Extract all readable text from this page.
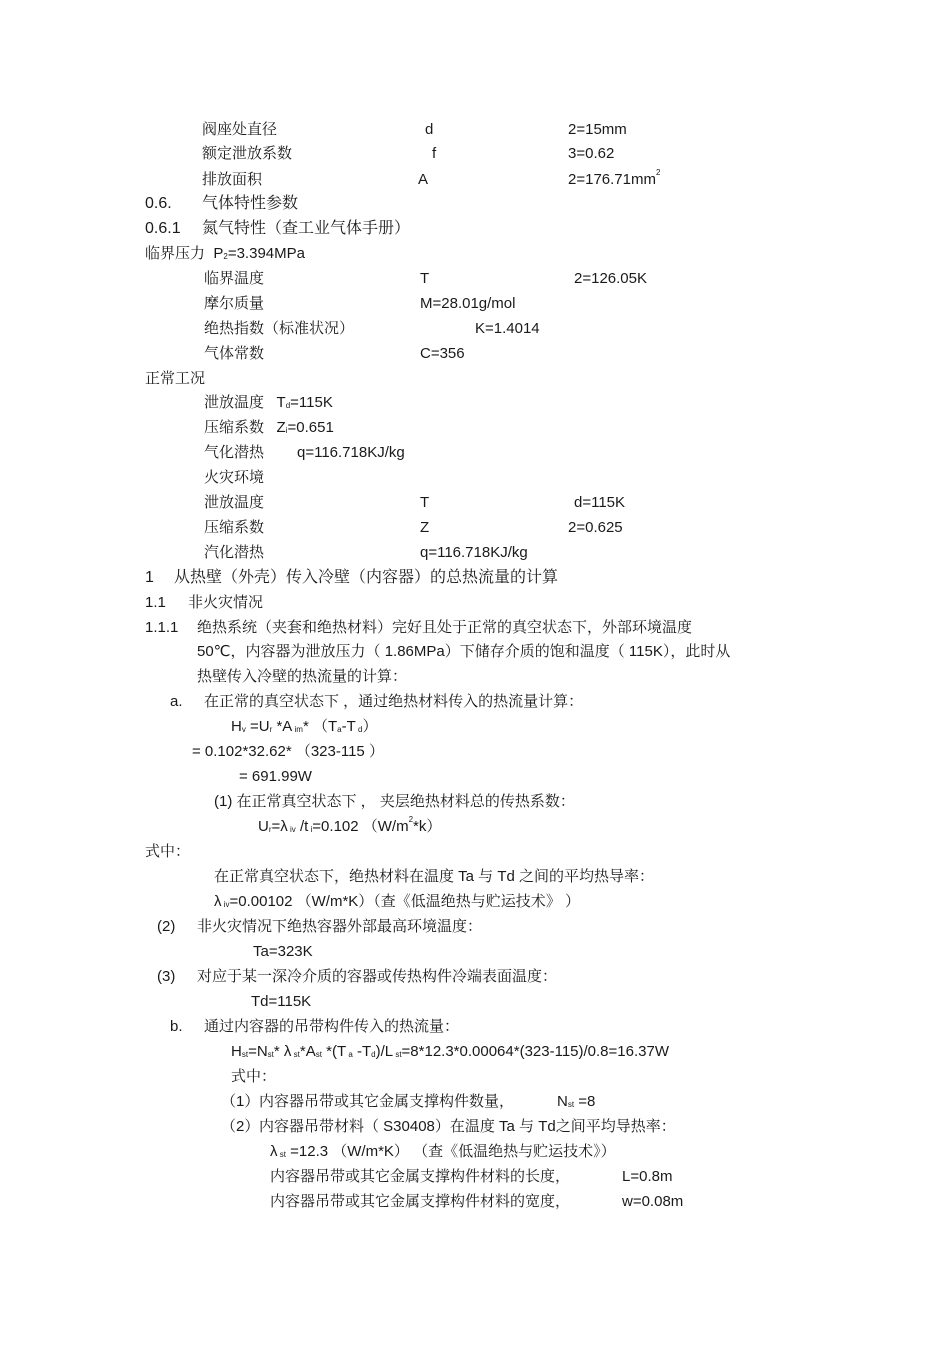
阀座处直径	d	2=15mm
额定泄放系数	f	3=0.62
排放面积	A	$2=176.71mm^2$
0.6. 气体特性参数
0.6.1 氮气特性（查工业气体手册）
临界压力 $P_2=3.394MPa$
临界温度	T	2=126.05K
摩尔质量	M=28.01g/mol
绝热指数（标准状况）	K=1.4014
气体常数	C=356
正常工况
泄放温度 $T_d=115K$
压缩系数 $Z_i=0.651$
气化潜热 q=116.718KJ/kg
火灾环境
泄放温度	T	d=115K
压缩系数	Z	2=0.625
汽化潜热	q=116.718KJ/kg
1 从热壁（外壳）传入冷壁（内容器）的总热流量的计算
1.1 非火灾情况
1.1.1 绝热系统（夹套和绝热材料）完好且处于正常的真空状态下，外部环境温度
50℃，内容器为泄放压力（ 1.86MPa）下储存介质的饱和温度（ 115K），此时从
热壁传入冷壁的热流量的计算：
a. 在正常的真空状态下 ，通过绝热材料传入的热流量计算：
$H_v =U_r$ *A $_{im}$* （$T_a-T$ $_d$）
= 0.102*32.62* （323-115 ）
= 691.99W
(1) 在正常真空状态下 ， 夹层绝热材料总的传热系数：
$U_r=\lambda$ $_{iv}$ /t $_i$=0.102 $(W/m^2*k)$
式中：
在正常真空状态下，绝热材料在温度 Ta 与 Td 之间的平均热导率：
λ $_{iv}$=0.00102 （W/m*K）（查《低温绝热与贮运技术》 ）
(2) 非火灾情况下绝热容器外部最高环境温度：
Ta=323K
(3) 对应于某一深冷介质的容器或传热构件冷端表面温度：
Td=115K
b. 通过内容器的吊带构件传入的热流量：
$H_{st}=N_{st}*$ λ $_{st}*A_{st}$ *(T $_a$ $-T_d)/L$ $_{st}$=8*12.3*0.00064*(323-115)/0.8=16.37W
式中：
（1） 内容器吊带或其它金属支撑构件数量，	$N_{st} =8$
（2） 内容器吊带材料（ S30408）在温度 Ta 与 Td之间平均导热率：
λ $_{st}$ =12.3 （W/m*K） （查《低温绝热与贮运技术》）
内容器吊带或其它金属支撑构件材料的长度，	L=0.8m
内容器吊带或其它金属支撑构件材料的宽度，	w=0.08m
